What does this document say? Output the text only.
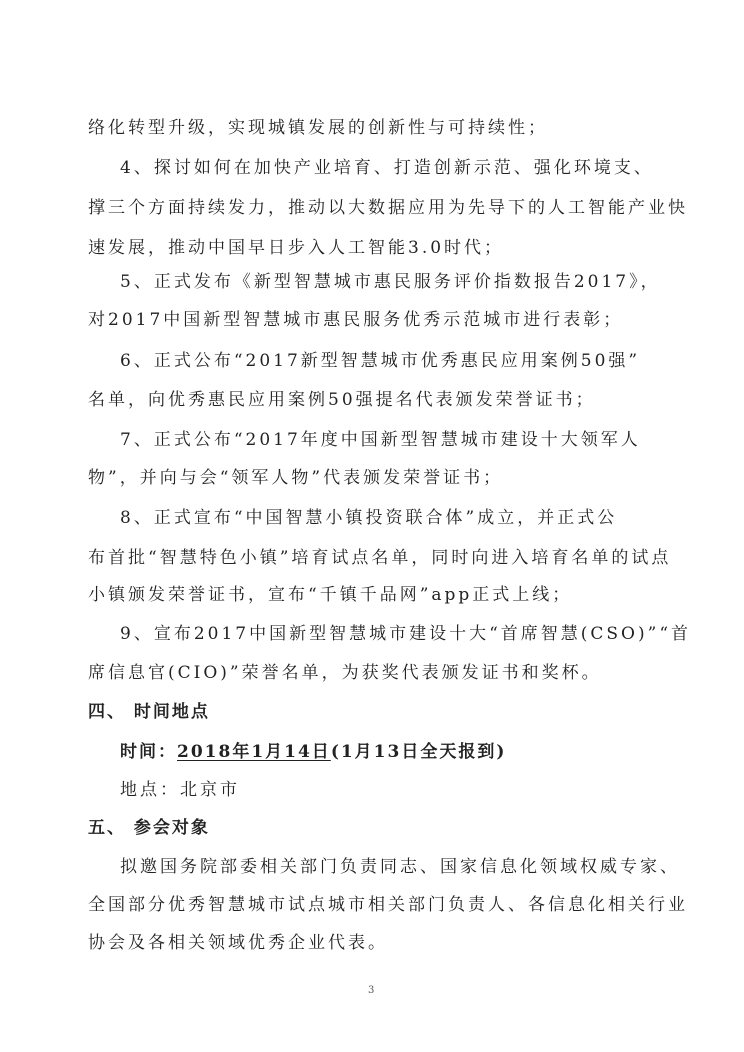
络化转型升级，实现城镇发展的创新性与可持续性；
4、探讨如何在加快产业培育、打造创新示范、强化环境支、
撑三个方面持续发力，推动以大数据应用为先导下的人工智能产业快
速发展，推动中国早日步入人工智能3.0时代；
5、正式发布《新型智慧城市惠民服务评价指数报告2017》，
对2017中国新型智慧城市惠民服务优秀示范城市进行表彰；
6、正式公布“2017新型智慧城市优秀惠民应用案例50强”
名单，向优秀惠民应用案例50强提名代表颁发荣誉证书；
7、正式公布“2017年度中国新型智慧城市建设十大领军人
物”，并向与会“领军人物”代表颁发荣誉证书；
8、正式宣布“中国智慧小镇投资联合体”成立，并正式公
布首批“智慧特色小镇”培育试点名单，同时向进入培育名单的试点
小镇颁发荣誉证书，宣布“千镇千品网”app正式上线；
9、宣布2017中国新型智慧城市建设十大“首席智慧(CSO)”“首
席信息官(CIO)”荣誉名单，为获奖代表颁发证书和奖杯。
四、 时间地点
时间：2018年1月14日(1月13日全天报到)
地点：北京市
五、 参会对象
拟邀国务院部委相关部门负责同志、国家信息化领域权威专家、
全国部分优秀智慧城市试点城市相关部门负责人、各信息化相关行业
协会及各相关领域优秀企业代表。
3
